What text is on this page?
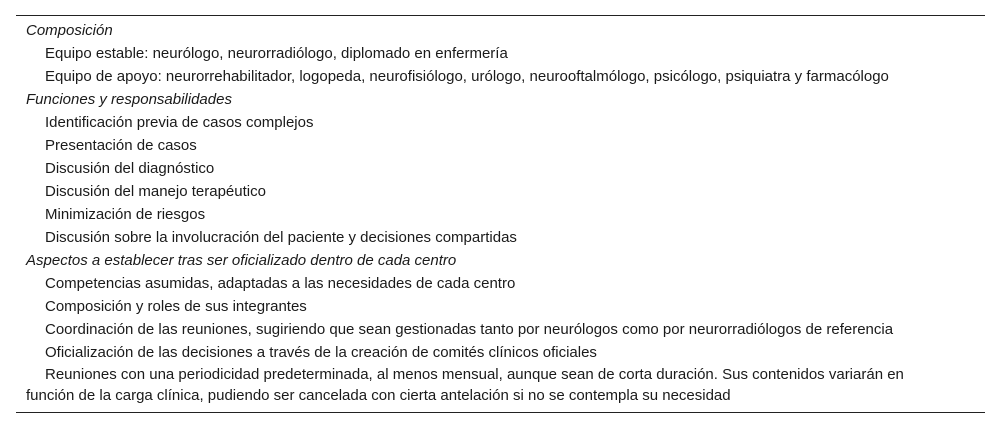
Composición
Equipo estable: neurólogo, neurorradiólogo, diplomado en enfermería
Equipo de apoyo: neurorrehabilitador, logopeda, neurofisiólogo, urólogo, neurooftalmólogo, psicólogo, psiquiatra y farmacólogo
Funciones y responsabilidades
Identificación previa de casos complejos
Presentación de casos
Discusión del diagnóstico
Discusión del manejo terapéutico
Minimización de riesgos
Discusión sobre la involucración del paciente y decisiones compartidas
Aspectos a establecer tras ser oficializado dentro de cada centro
Competencias asumidas, adaptadas a las necesidades de cada centro
Composición y roles de sus integrantes
Coordinación de las reuniones, sugiriendo que sean gestionadas tanto por neurólogos como por neurorradiólogos de referencia
Oficialización de las decisiones a través de la creación de comités clínicos oficiales
Reuniones con una periodicidad predeterminada, al menos mensual, aunque sean de corta duración. Sus contenidos variarán en función de la carga clínica, pudiendo ser cancelada con cierta antelación si no se contempla su necesidad
